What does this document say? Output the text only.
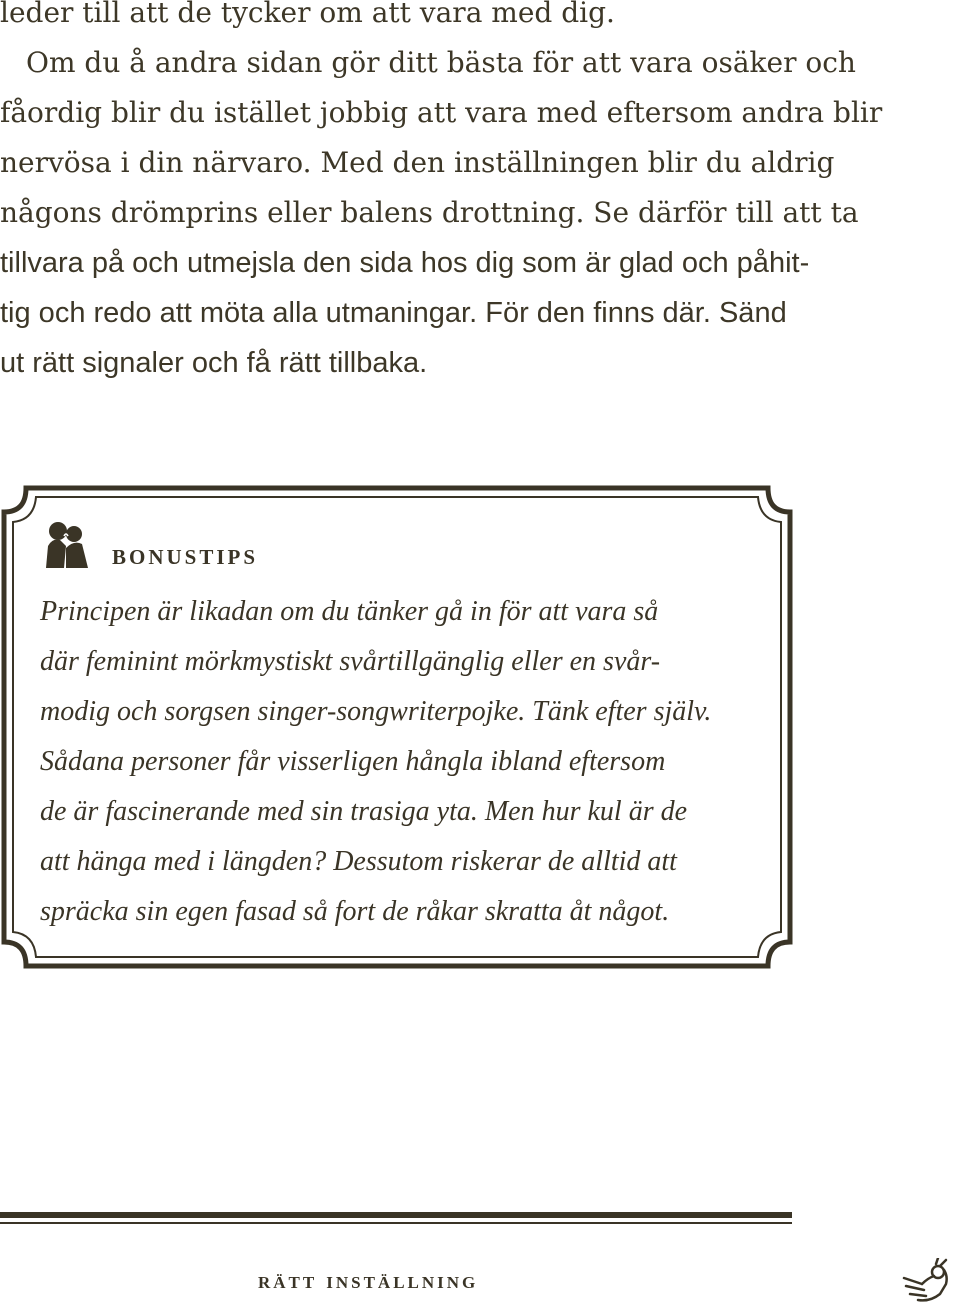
leder till att de tycker om att vara med dig.
Om du å andra sidan gör ditt bästa för att vara osäker och
fåordig blir du istället jobbig att vara med eftersom andra blir
nervösa i din närvaro. Med den inställningen blir du aldrig
någons drömprins eller balens drottning. Se därför till att ta
tillvara på och utmejsla den sida hos dig som är glad och påhit-
tig och redo att möta alla utmaningar. För den finns där. Sänd
ut rätt signaler och få rätt tillbaka.
bonustips
Principen är likadan om du tänker gå in för att vara så
där feminint mörkmystiskt svårtillgänglig eller en svår-
modig och sorgsen singer-songwriterpojke. Tänk efter själv.
Sådana personer får visserligen hångla ibland eftersom
de är fascinerande med sin trasiga yta. Men hur kul är de
att hänga med i längden? Dessutom riskerar de alltid att
spräcka sin egen fasad så fort de råkar skratta åt något.
rätt inställning
